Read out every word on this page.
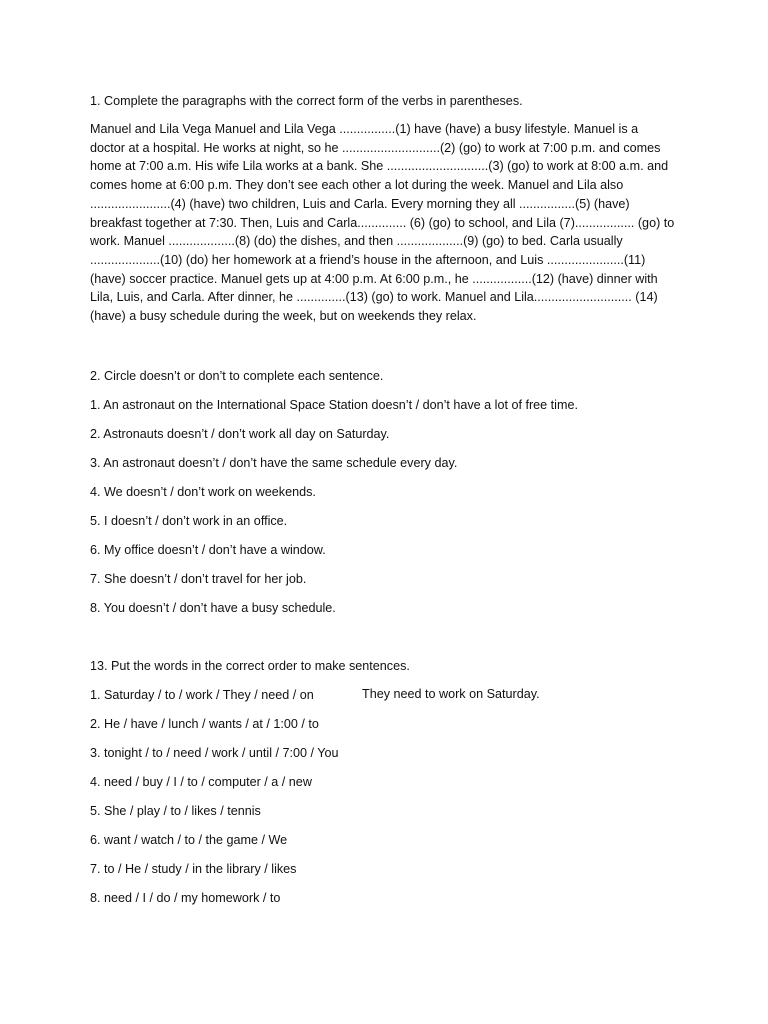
1. Complete the paragraphs with the correct form of the verbs in parentheses.
Manuel and Lila Vega Manuel and Lila Vega ................(1) have (have) a busy lifestyle. Manuel is a
doctor at a hospital. He works at night, so he ............................(2) (go) to work at 7:00 p.m. and comes
home at 7:00 a.m. His wife Lila works at a bank. She .............................(3) (go) to work at 8:00 a.m. and
comes home at 6:00 p.m. They don’t see each other a lot during the week. Manuel and Lila also
.......................(4) (have) two children, Luis and Carla. Every morning they all ................(5) (have)
breakfast together at 7:30. Then, Luis and Carla.............. (6) (go) to school, and Lila (7)................. (go) to
work. Manuel ...................(8) (do) the dishes, and then ...................(9) (go) to bed. Carla usually
....................(10) (do) her homework at a friend’s house in the afternoon, and Luis ......................(11)
(have) soccer practice. Manuel gets up at 4:00 p.m. At 6:00 p.m., he .................(12) (have) dinner with
Lila, Luis, and Carla. After dinner, he ..............(13) (go) to work. Manuel and Lila............................ (14)
(have) a busy schedule during the week, but on weekends they relax.
2. Circle doesn’t or don’t to complete each sentence.
1. An astronaut on the International Space Station doesn’t / don’t have a lot of free time.
2. Astronauts doesn’t / don’t work all day on Saturday.
3. An astronaut doesn’t / don’t have the same schedule every day.
4. We doesn’t / don’t work on weekends.
5. I doesn’t / don’t work in an office.
6. My office doesn’t / don’t have a window.
7. She doesn’t / don’t travel for her job.
8. You doesn’t / don’t have a busy schedule.
13. Put the words in the correct order to make sentences.
1. Saturday / to / work / They / need / on	They need to work on Saturday.
2. He / have / lunch / wants / at / 1:00 / to
3. tonight / to / need / work / until / 7:00 / You
4. need / buy / I / to / computer / a / new
5. She / play / to / likes / tennis
6. want / watch / to / the game / We
7. to / He / study / in the library / likes
8. need / I / do / my homework / to
